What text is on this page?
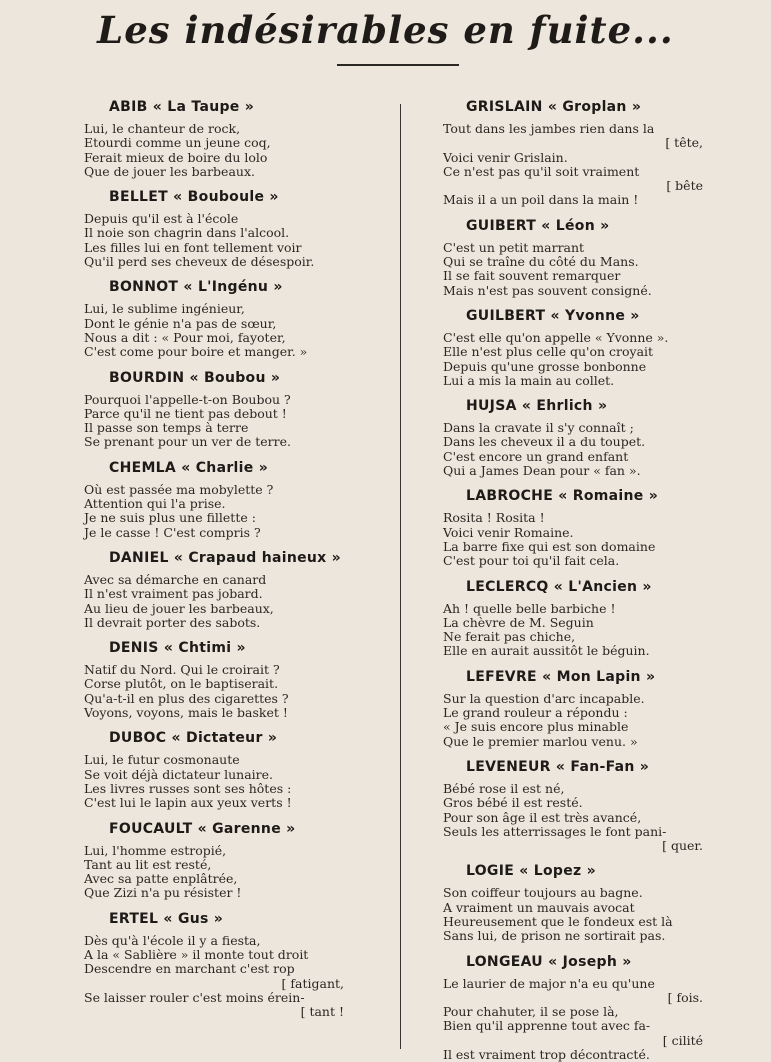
Les indésirables en fuite...
ABIB « La Taupe »
Lui, le chanteur de rock,
Etourdi comme un jeune coq,
Ferait mieux de boire du lolo
Que de jouer les barbeaux.
BELLET « Bouboule »
Depuis qu'il est à l'école
Il noie son chagrin dans l'alcool.
Les filles lui en font tellement voir
Qu'il perd ses cheveux de désespoir.
BONNOT « L'Ingénu »
Lui, le sublime ingénieur,
Dont le génie n'a pas de sœur,
Nous a dit : « Pour moi, fayoter,
C'est come pour boire et manger. »
BOURDIN « Boubou »
Pourquoi l'appelle-t-on Boubou ?
Parce qu'il ne tient pas debout !
Il passe son temps à terre
Se prenant pour un ver de terre.
CHEMLA « Charlie »
Où est passée ma mobylette ?
Attention qui l'a prise.
Je ne suis plus une fillette :
Je le casse ! C'est compris ?
DANIEL « Crapaud haineux »
Avec sa démarche en canard
Il n'est vraiment pas jobard.
Au lieu de jouer les barbeaux,
Il devrait porter des sabots.
DENIS « Chtimi »
Natif du Nord. Qui le croirait ?
Corse plutôt, on le baptiserait.
Qu'a-t-il en plus des cigarettes ?
Voyons, voyons, mais le basket !
DUBOC « Dictateur »
Lui, le futur cosmonaute
Se voit déjà dictateur lunaire.
Les livres russes sont ses hôtes :
C'est lui le lapin aux yeux verts !
FOUCAULT « Garenne »
Lui, l'homme estropié,
Tant au lit est resté,
Avec sa patte enplâtrée,
Que Zizi n'a pu résister !
ERTEL « Gus »
Dès qu'à l'école il y a fiesta,
A la « Sablière » il monte tout droit
Descendre en marchant c'est rop
[ fatigant,
Se laisser rouler c'est moins érein-
[ tant !
GRISLAIN « Groplan »
Tout dans les jambes rien dans la
[ tête,
Voici venir Grislain.
Ce n'est pas qu'il soit vraiment
[ bête
Mais il a un poil dans la main !
GUIBERT « Léon »
C'est un petit marrant
Qui se traîne du côté du Mans.
Il se fait souvent remarquer
Mais n'est pas souvent consigné.
GUILBERT « Yvonne »
C'est elle qu'on appelle « Yvonne ».
Elle n'est plus celle qu'on croyait
Depuis qu'une grosse bonbonne
Lui a mis la main au collet.
HUJSA « Ehrlich »
Dans la cravate il s'y connaît ;
Dans les cheveux il a du toupet.
C'est encore un grand enfant
Qui a James Dean pour « fan ».
LABROCHE « Romaine »
Rosita ! Rosita !
Voici venir Romaine.
La barre fixe qui est son domaine
C'est pour toi qu'il fait cela.
LECLERCQ « L'Ancien »
Ah ! quelle belle barbiche !
La chèvre de M. Seguin
Ne ferait pas chiche,
Elle en aurait aussitôt le béguin.
LEFEVRE « Mon Lapin »
Sur la question d'arc incapable.
Le grand rouleur a répondu :
« Je suis encore plus minable
Que le premier marlou venu. »
LEVENEUR « Fan-Fan »
Bébé rose il est né,
Gros bébé il est resté.
Pour son âge il est très avancé,
Seuls les atterrissages le font pani-
[ quer.
LOGIE « Lopez »
Son coiffeur toujours au bagne.
A vraiment un mauvais avocat
Heureusement que le fondeux est là
Sans lui, de prison ne sortirait pas.
LONGEAU « Joseph »
Le laurier de major n'a eu qu'une
[ fois.
Pour chahuter, il se pose là,
Bien qu'il apprenne tout avec fa-
[ cilité
Il est vraiment trop décontracté.
